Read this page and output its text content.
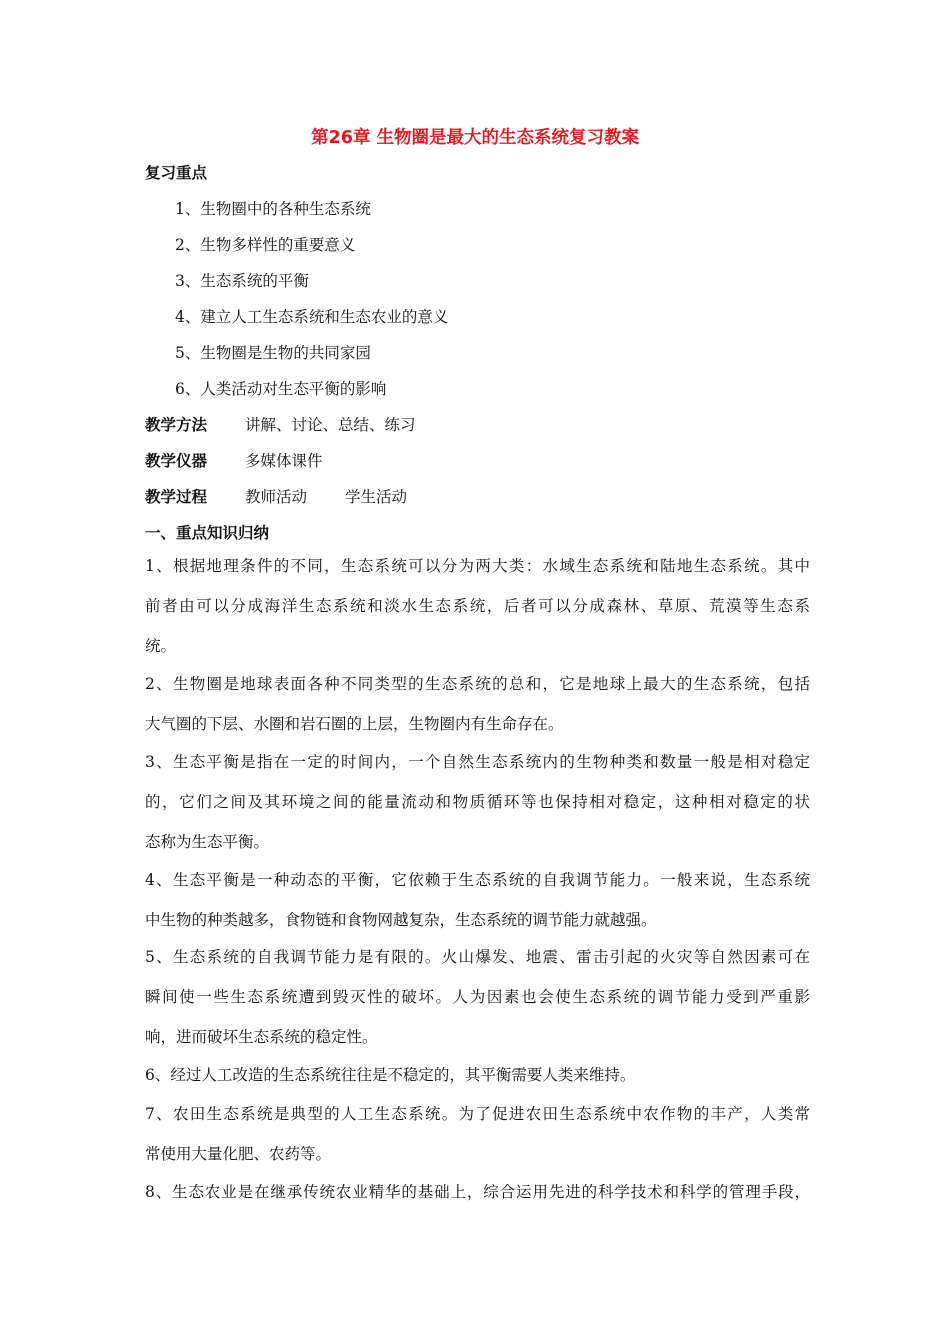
第26章 生物圈是最大的生态系统复习教案
复习重点
1、生物圈中的各种生态系统
2、生物多样性的重要意义
3、生态系统的平衡
4、建立人工生态系统和生态农业的意义
5、生物圈是生物的共同家园
6、人类活动对生态平衡的影响
教学方法 讲解、讨论、总结、练习
教学仪器 多媒体课件
教学过程 教师活动 学生活动
一、重点知识归纳
1、根据地理条件的不同，生态系统可以分为两大类：水域生态系统和陆地生态系统。其中
前者由可以分成海洋生态系统和淡水生态系统，后者可以分成森林、草原、荒漠等生态系
统。
2、生物圈是地球表面各种不同类型的生态系统的总和，它是地球上最大的生态系统，包括
大气圈的下层、水圈和岩石圈的上层，生物圈内有生命存在。
3、生态平衡是指在一定的时间内，一个自然生态系统内的生物种类和数量一般是相对稳定
的，它们之间及其环境之间的能量流动和物质循环等也保持相对稳定，这种相对稳定的状
态称为生态平衡。
4、生态平衡是一种动态的平衡，它依赖于生态系统的自我调节能力。一般来说，生态系统
中生物的种类越多，食物链和食物网越复杂，生态系统的调节能力就越强。
5、生态系统的自我调节能力是有限的。火山爆发、地震、雷击引起的火灾等自然因素可在
瞬间使一些生态系统遭到毁灭性的破坏。人为因素也会使生态系统的调节能力受到严重影
响，进而破坏生态系统的稳定性。
6、经过人工改造的生态系统往往是不稳定的，其平衡需要人类来维持。
7、农田生态系统是典型的人工生态系统。为了促进农田生态系统中农作物的丰产，人类常
常使用大量化肥、农药等。
8、生态农业是在继承传统农业精华的基础上，综合运用先进的科学技术和科学的管理手段，
